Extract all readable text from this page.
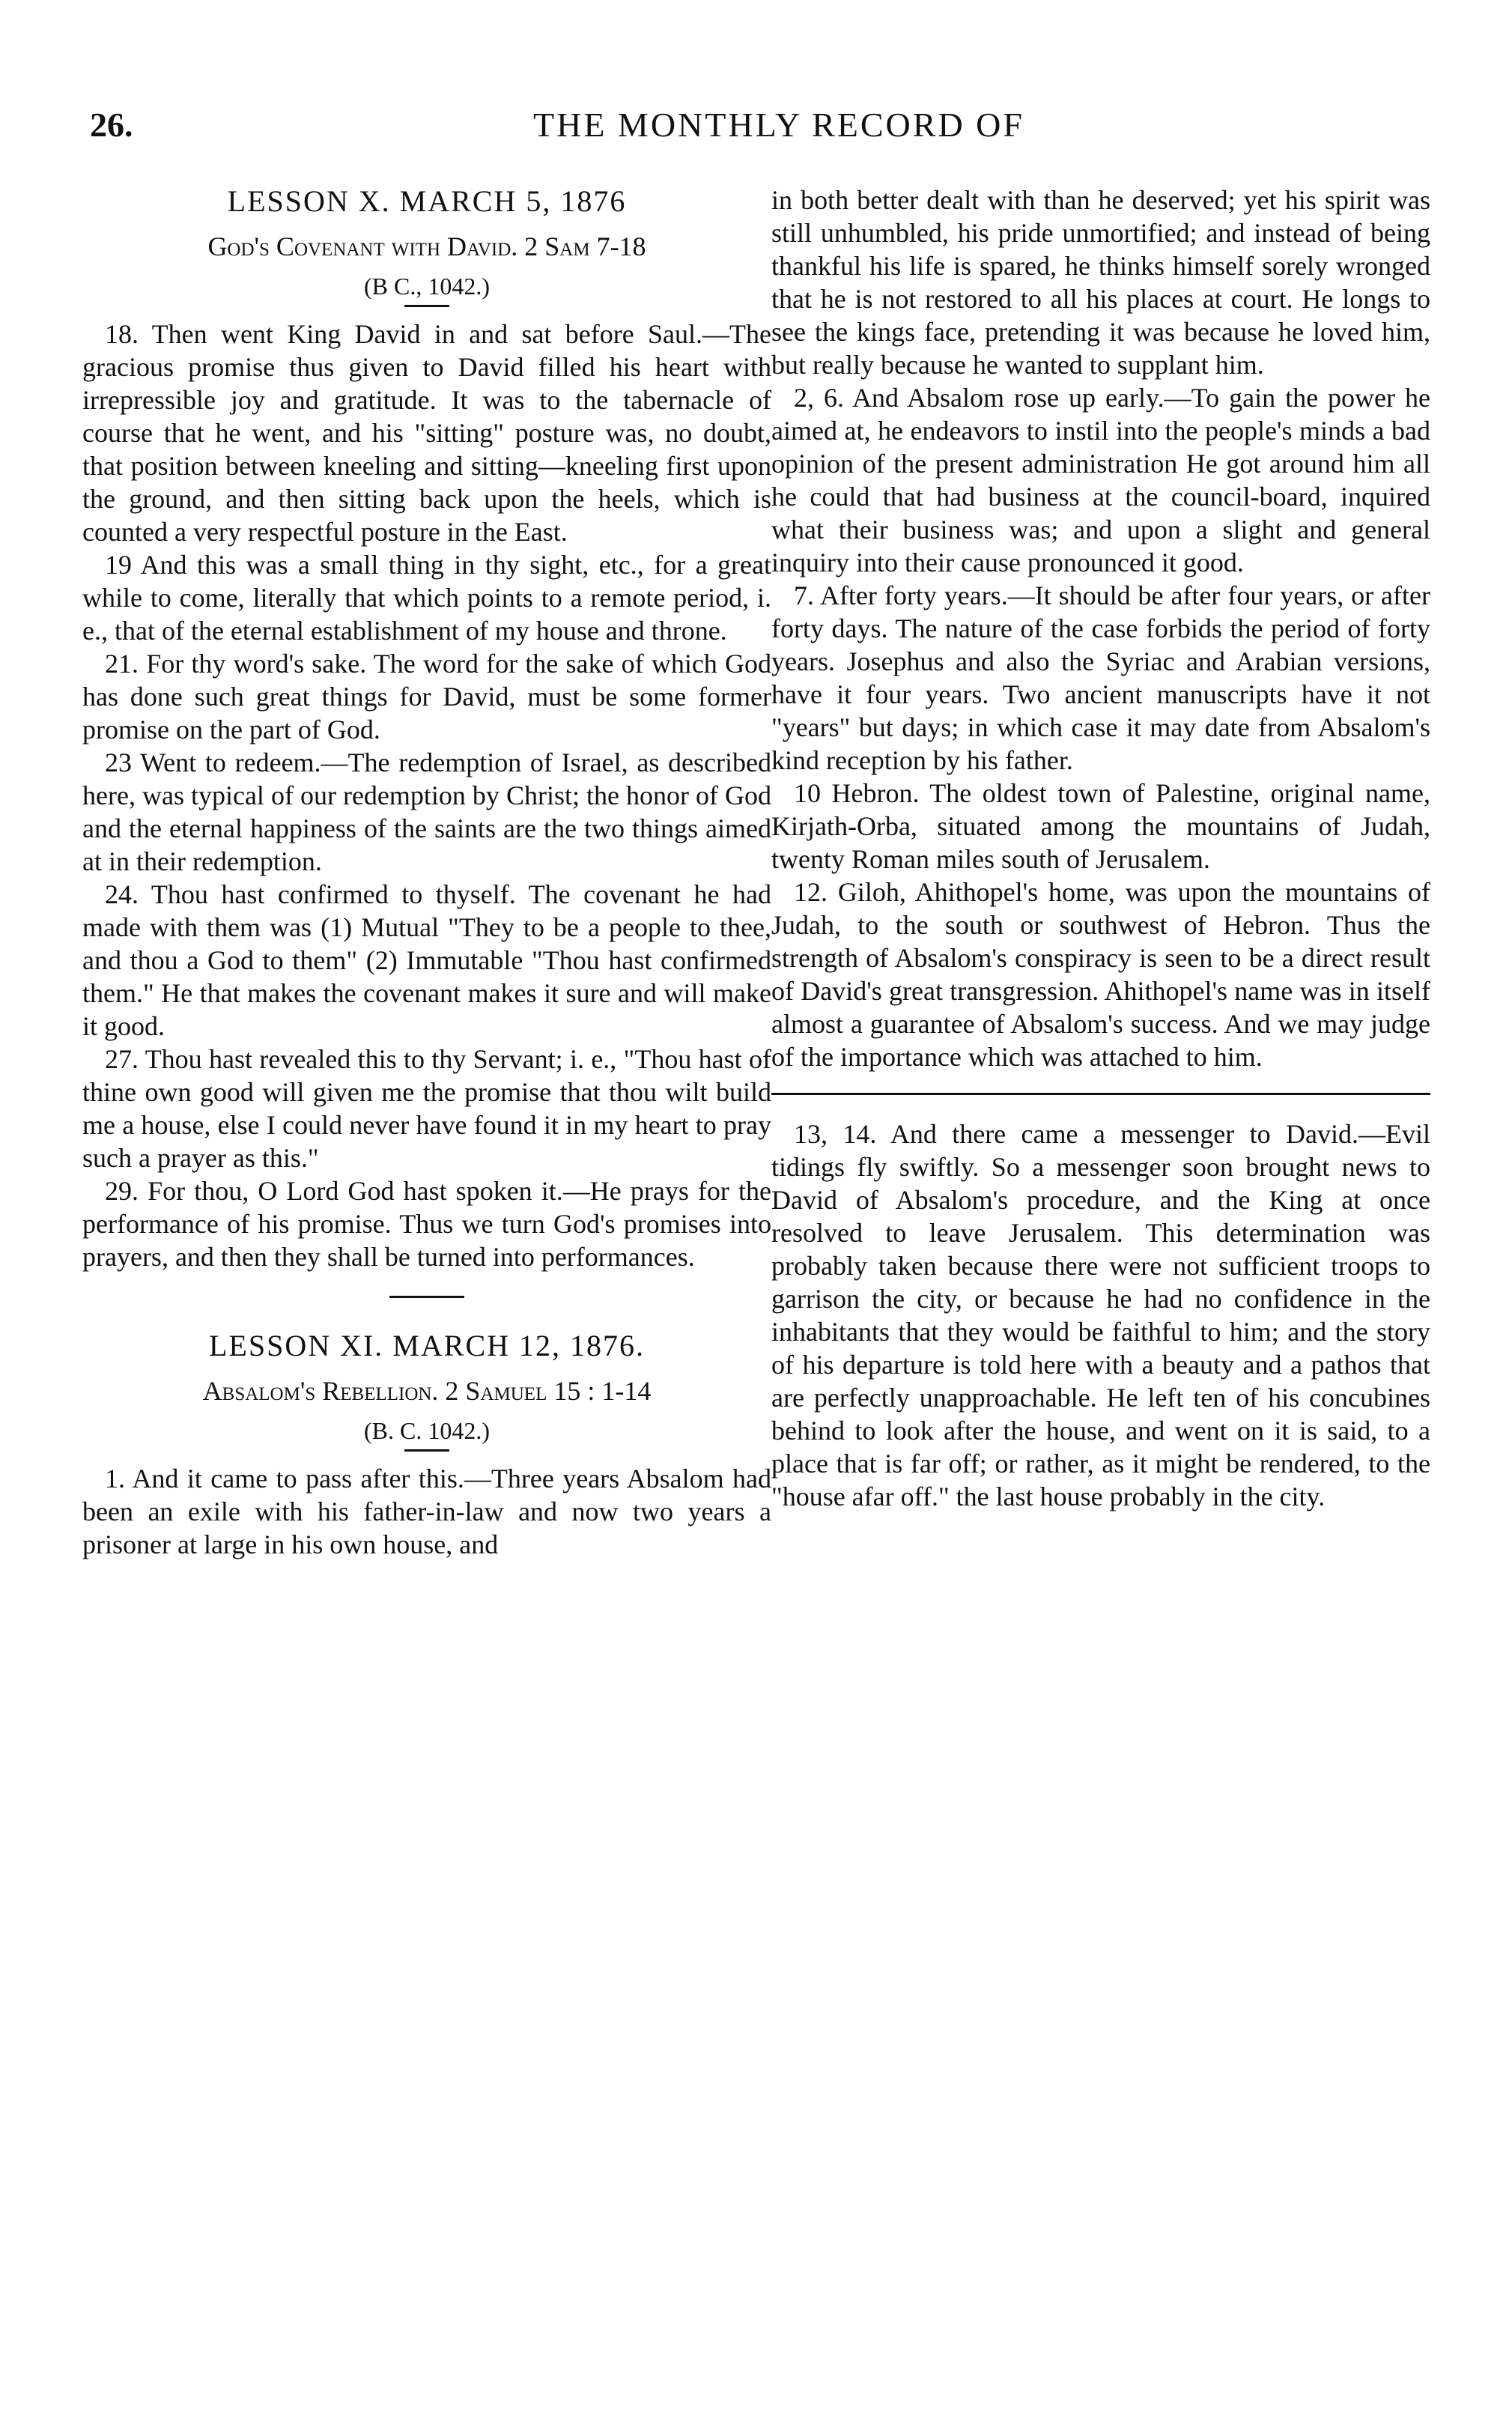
26.	THE MONTHLY RECORD OF
LESSON X. MARCH 5, 1876
God's Covenant with David. 2 Sam 7-18
(B C., 1042.)

18. Then went King David in and sat before Saul.—The gracious promise thus given to David filled his heart with irrepressible joy and gratitude. It was to the tabernacle of course that he went, and his "sitting" posture was, no doubt, that position between kneeling and sitting—kneeling first upon the ground, and then sitting back upon the heels, which is counted a very respectful posture in the East.

19 And this was a small thing in thy sight, etc., for a great while to come, literally that which points to a remote period, i. e., that of the eternal establishment of my house and throne.

21. For thy word's sake. The word for the sake of which God has done such great things for David, must be some former promise on the part of God.

23 Went to redeem.—The redemption of Israel, as described here, was typical of our redemption by Christ; the honor of God and the eternal happiness of the saints are the two things aimed at in their redemption.

24. Thou hast confirmed to thyself. The covenant he had made with them was (1) Mutual "They to be a people to thee, and thou a God to them" (2) Immutable "Thou hast confirmed them." He that makes the covenant makes it sure and will make it good.

27. Thou hast revealed this to thy Servant; i. e., "Thou hast of thine own good will given me the promise that thou wilt build me a house, else I could never have found it in my heart to pray such a prayer as this."

29. For thou, O Lord God hast spoken it.—He prays for the performance of his promise. Thus we turn God's promises into prayers, and then they shall be turned into performances.

LESSON XI. MARCH 12, 1876.
Absalom's Rebellion. 2 Samuel 15 : 1-14
(B. C. 1042.)

1. And it came to pass after this.—Three years Absalom had been an exile with his father-in-law and now two years a prisoner at large in his own house, and

in both better dealt with than he deserved; yet his spirit was still unhumbled, his pride unmortified; and instead of being thankful his life is spared, he thinks himself sorely wronged that he is not restored to all his places at court. He longs to see the kings face, pretending it was because he loved him, but really because he wanted to supplant him.

2, 6. And Absalom rose up early.—To gain the power he aimed at, he endeavors to instil into the people's minds a bad opinion of the present administration He got around him all he could that had business at the council-board, inquired what their business was; and upon a slight and general inquiry into their cause pronounced it good.

7. After forty years.—It should be after four years, or after forty days. The nature of the case forbids the period of forty years. Josephus and also the Syriac and Arabian versions, have it four years. Two ancient manuscripts have it not "years" but days; in which case it may date from Absalom's kind reception by his father.

10 Hebron. The oldest town of Palestine, original name, Kirjath-Orba, situated among the mountains of Judah, twenty Roman miles south of Jerusalem.

12. Giloh, Ahithopel's home, was upon the mountains of Judah, to the south or southwest of Hebron. Thus the strength of Absalom's conspiracy is seen to be a direct result of David's great transgression. Ahithopel's name was in itself almost a guarantee of Absalom's success. And we may judge of the importance which was attached to him.

13, 14. And there came a messenger to David.—Evil tidings fly swiftly. So a messenger soon brought news to David of Absalom's procedure, and the King at once resolved to leave Jerusalem. This determination was probably taken because there were not sufficient troops to garrison the city, or because he had no confidence in the inhabitants that they would be faithful to him; and the story of his departure is told here with a beauty and a pathos that are perfectly unapproachable. He left ten of his concubines behind to look after the house, and went on it is said, to a place that is far off; or rather, as it might be rendered, to the "house afar off." the last house probably in the city.
